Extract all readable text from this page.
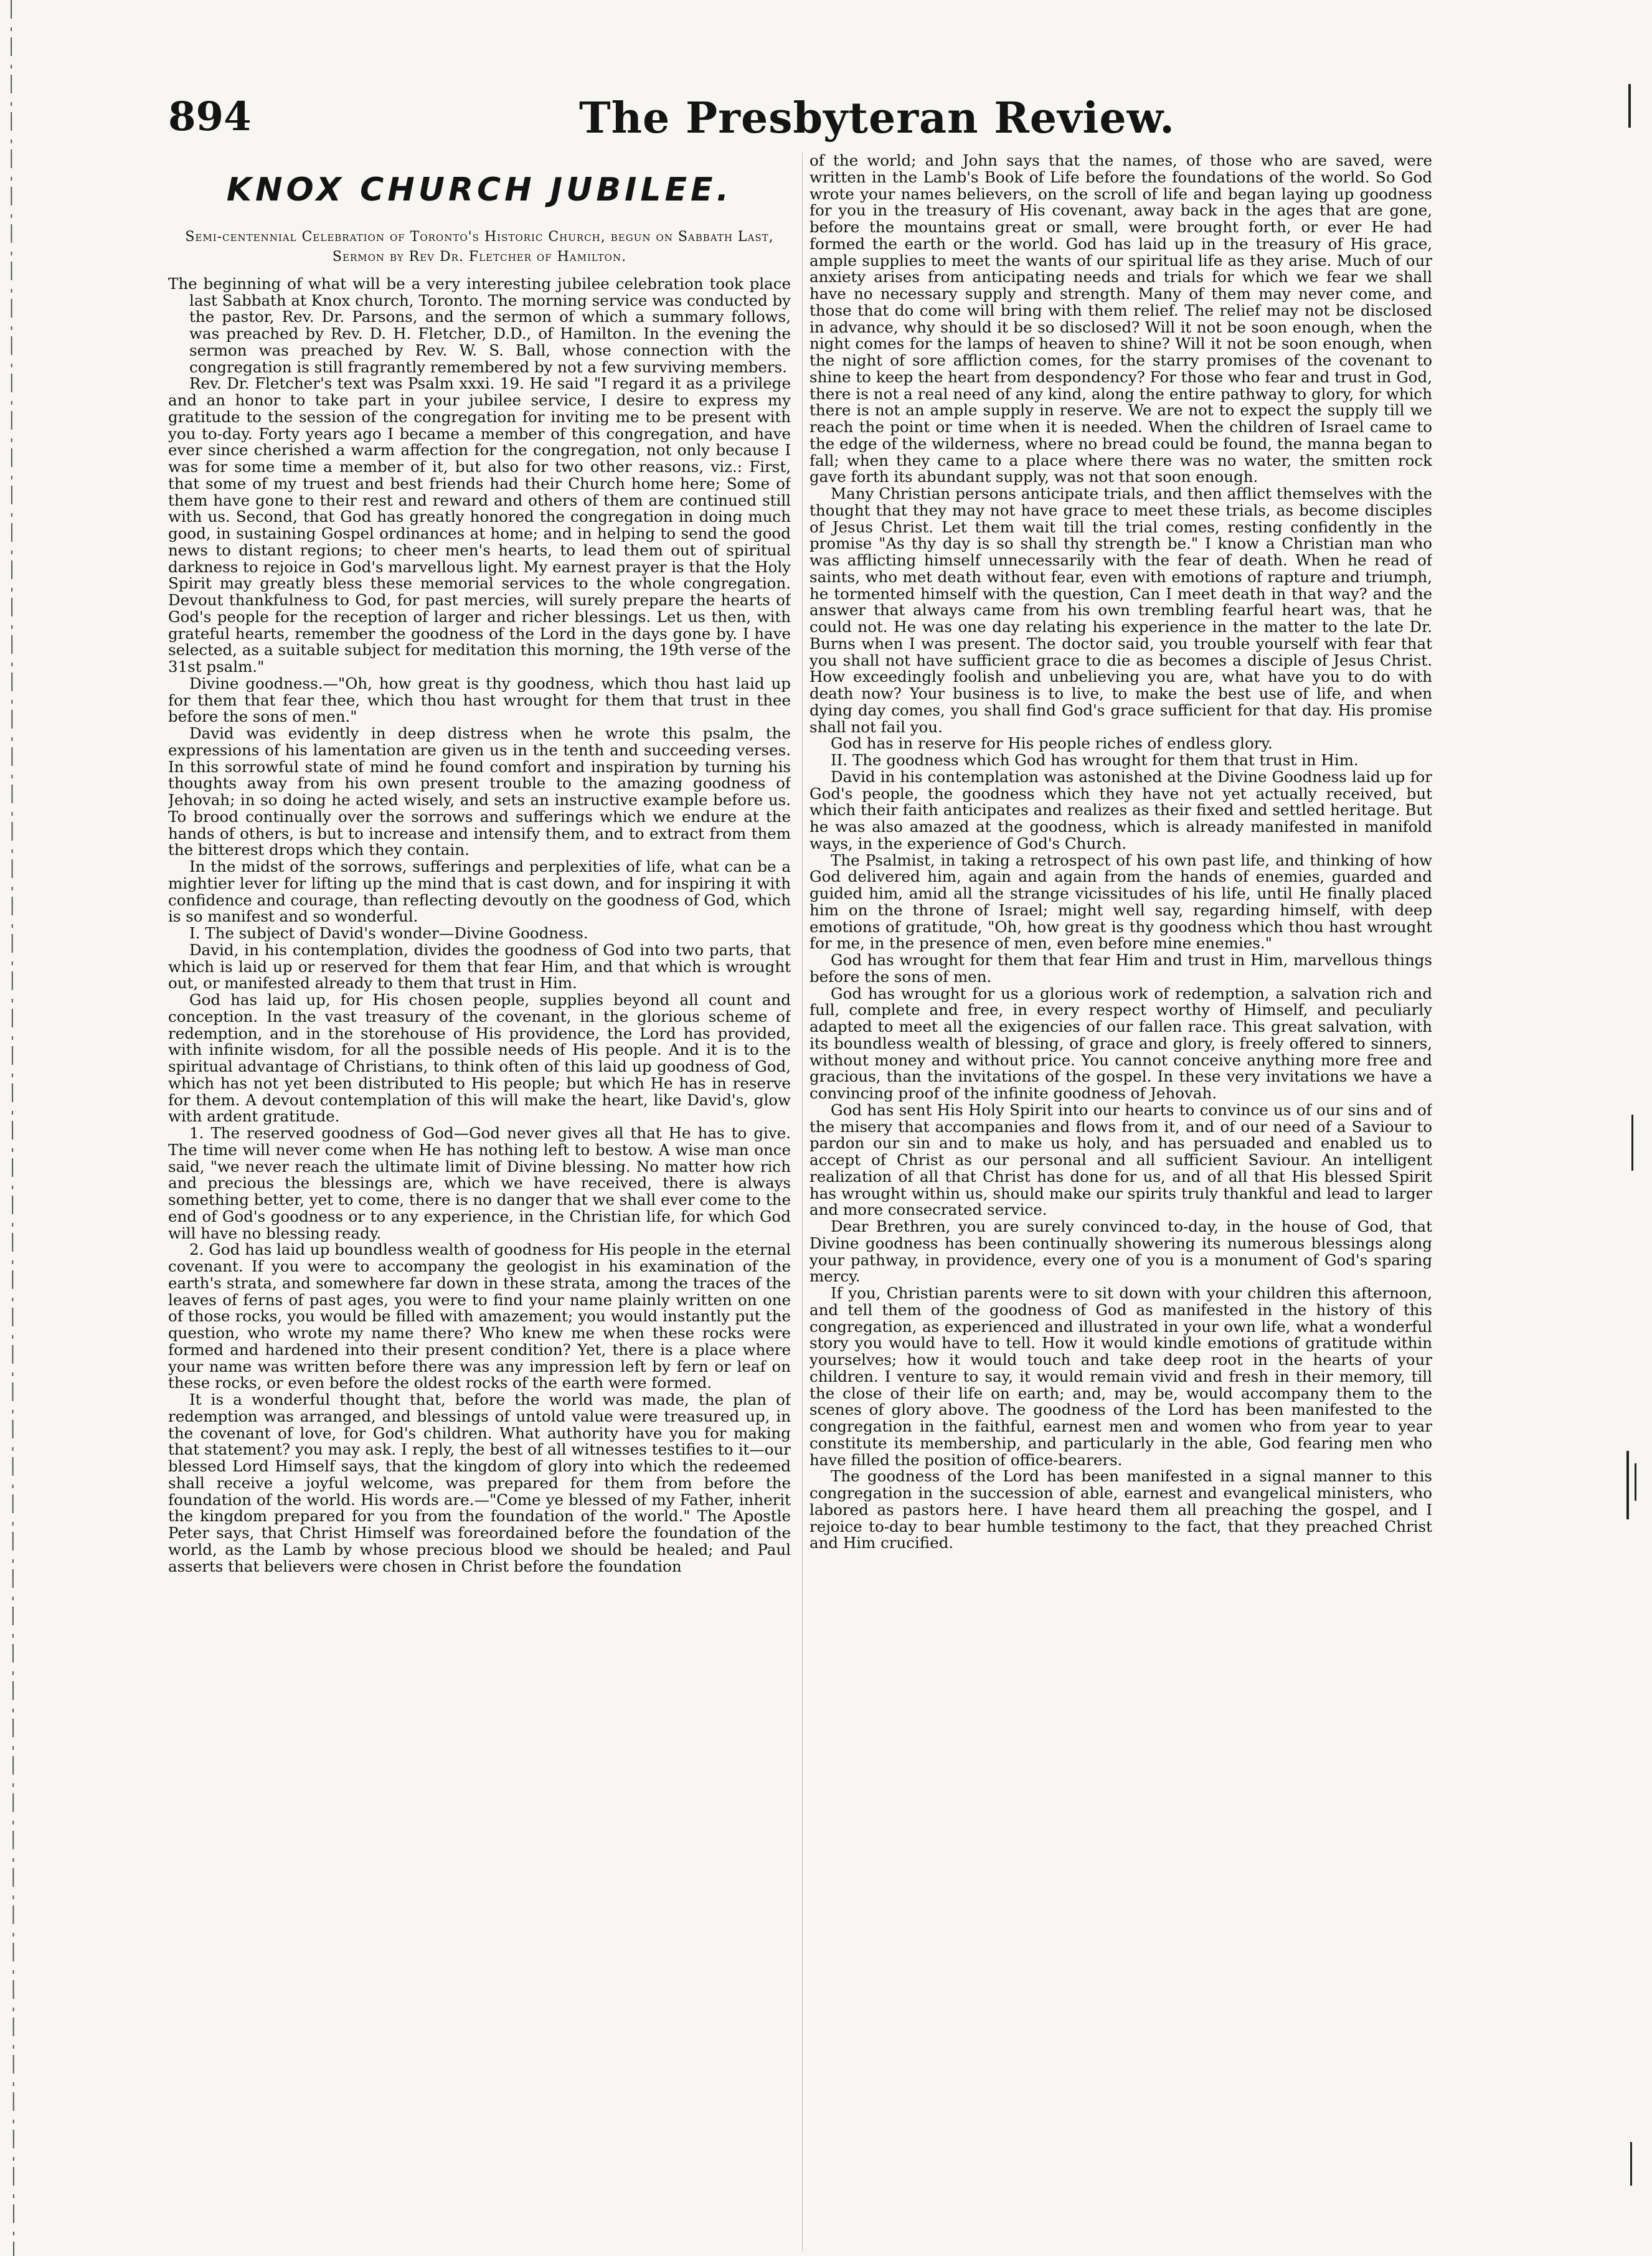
894	The Presbyteran Review.
KNOX CHURCH JUBILEE.
Semi-centennial Celebration of Toronto's Historic Church, begun on Sabbath Last, Sermon by Rev Dr. Fletcher of Hamilton.

The beginning of what will be a very interesting jubilee celebration took place last Sabbath at Knox church, Toronto. The morning service was conducted by the pastor, Rev. Dr. Parsons, and the sermon of which a summary follows, was preached by Rev. D. H. Fletcher, D.D., of Hamilton. In the evening the sermon was preached by Rev. W. S. Ball, whose connection with the congregation is still fragrantly remembered by not a few surviving members.

Rev. Dr. Fletcher's text was Psalm xxxi. 19. He said "I regard it as a privilege and an honor to take part in your jubilee service, I desire to express my gratitude to the session of the congregation for inviting me to be present with you to-day. Forty years ago I became a member of this congregation, and have ever since cherished a warm affection for the congregation, not only because I was for some time a member of it, but also for two other reasons, viz.: First, that some of my truest and best friends had their Church home here; Some of them have gone to their rest and reward and others of them are continued still with us. Second, that God has greatly honored the congregation in doing much good, in sustaining Gospel ordinances at home; and in helping to send the good news to distant regions; to cheer men's hearts, to lead them out of spiritual darkness to rejoice in God's marvellous light. My earnest prayer is that the Holy Spirit may greatly bless these memorial services to the whole congregation. Devout thankfulness to God, for past mercies, will surely prepare the hearts of God's people for the reception of larger and richer blessings. Let us then, with grateful hearts, remember the goodness of the Lord in the days gone by. I have selected, as a suitable subject for meditation this morning, the 19th verse of the 31st psalm."

Divine goodness.—"Oh, how great is thy goodness, which thou hast laid up for them that fear thee, which thou hast wrought for them that trust in thee before the sons of men."

David was evidently in deep distress when he wrote this psalm, the expressions of his lamentation are given us in the tenth and succeeding verses. In this sorrowful state of mind he found comfort and inspiration by turning his thoughts away from his own present trouble to the amazing goodness of Jehovah; in so doing he acted wisely, and sets an instructive example before us. To brood continually over the sorrows and sufferings which we endure at the hands of others, is but to increase and intensify them, and to extract from them the bitterest drops which they contain.

In the midst of the sorrows, sufferings and perplexities of life, what can be a mightier lever for lifting up the mind that is cast down, and for inspiring it with confidence and courage, than reflecting devoutly on the goodness of God, which is so manifest and so wonderful.

I. The subject of David's wonder—Divine Goodness.

David, in his contemplation, divides the goodness of God into two parts, that which is laid up or reserved for them that fear Him, and that which is wrought out, or manifested already to them that trust in Him.

God has laid up, for His chosen people, supplies beyond all count and conception. In the vast treasury of the covenant, in the glorious scheme of redemption, and in the storehouse of His providence, the Lord has provided, with infinite wisdom, for all the possible needs of His people. And it is to the spiritual advantage of Christians, to think often of this laid up goodness of God, which has not yet been distributed to His people; but which He has in reserve for them. A devout contemplation of this will make the heart, like David's, glow with ardent gratitude.

1. The reserved goodness of God—God never gives all that He has to give. The time will never come when He has nothing left to bestow. A wise man once said, "we never reach the ultimate limit of Divine blessing. No matter how rich and precious the blessings are, which we have received, there is always something better, yet to come, there is no danger that we shall ever come to the end of God's goodness or to any experience, in the Christian life, for which God will have no blessing ready.

2. God has laid up boundless wealth of goodness for His people in the eternal covenant. If you were to accompany the geologist in his examination of the earth's strata, and somewhere far down in these strata, among the traces of the leaves of ferns of past ages, you were to find your name plainly written on one of those rocks, you would be filled with amazement; you would instantly put the question, who wrote my name there? Who knew me when these rocks were formed and hardened into their present condition? Yet, there is a place where your name was written before there was any impression left by fern or leaf on these rocks, or even before the oldest rocks of the earth were formed.

It is a wonderful thought that, before the world was made, the plan of redemption was arranged, and blessings of untold value were treasured up, in the covenant of love, for God's children. What authority have you for making that statement? you may ask. I reply, the best of all witnesses testifies to it—our blessed Lord Himself says, that the kingdom of glory into which the redeemed shall receive a joyful welcome, was prepared for them from before the foundation of the world. His words are.—"Come ye blessed of my Father, inherit the kingdom prepared for you from the foundation of the world." The Apostle Peter says, that Christ Himself was foreordained before the foundation of the world, as the Lamb by whose precious blood we should be healed; and Paul asserts that believers were chosen in Christ before the foundation

of the world; and John says that the names, of those who are saved, were written in the Lamb's Book of Life before the foundations of the world. So God wrote your names believers, on the scroll of life and began laying up goodness for you in the treasury of His covenant, away back in the ages that are gone, before the mountains great or small, were brought forth, or ever He had formed the earth or the world. God has laid up in the treasury of His grace, ample supplies to meet the wants of our spiritual life as they arise. Much of our anxiety arises from anticipating needs and trials for which we fear we shall have no necessary supply and strength. Many of them may never come, and those that do come will bring with them relief. The relief may not be disclosed in advance, why should it be so disclosed? Will it not be soon enough, when the night comes for the lamps of heaven to shine? Will it not be soon enough, when the night of sore affliction comes, for the starry promises of the covenant to shine to keep the heart from despondency? For those who fear and trust in God, there is not a real need of any kind, along the entire pathway to glory, for which there is not an ample supply in reserve. We are not to expect the supply till we reach the point or time when it is needed. When the children of Israel came to the edge of the wilderness, where no bread could be found, the manna began to fall; when they came to a place where there was no water, the smitten rock gave forth its abundant supply, was not that soon enough.

Many Christian persons anticipate trials, and then afflict themselves with the thought that they may not have grace to meet these trials, as become disciples of Jesus Christ. Let them wait till the trial comes, resting confidently in the promise "As thy day is so shall thy strength be." I know a Christian man who was afflicting himself unnecessarily with the fear of death. When he read of saints, who met death without fear, even with emotions of rapture and triumph, he tormented himself with the question, Can I meet death in that way? and the answer that always came from his own trembling fearful heart was, that he could not. He was one day relating his experience in the matter to the late Dr. Burns when I was present. The doctor said, you trouble yourself with fear that you shall not have sufficient grace to die as becomes a disciple of Jesus Christ. How exceedingly foolish and unbelieving you are, what have you to do with death now? Your business is to live, to make the best use of life, and when dying day comes, you shall find God's grace sufficient for that day. His promise shall not fail you.

God has in reserve for His people riches of endless glory.

II. The goodness which God has wrought for them that trust in Him.

David in his contemplation was astonished at the Divine Goodness laid up for God's people, the goodness which they have not yet actually received, but which their faith anticipates and realizes as their fixed and settled heritage. But he was also amazed at the goodness, which is already manifested in manifold ways, in the experience of God's Church.

The Psalmist, in taking a retrospect of his own past life, and thinking of how God delivered him, again and again from the hands of enemies, guarded and guided him, amid all the strange vicissitudes of his life, until He finally placed him on the throne of Israel; might well say, regarding himself, with deep emotions of gratitude, "Oh, how great is thy goodness which thou hast wrought for me, in the presence of men, even before mine enemies."

God has wrought for them that fear Him and trust in Him, marvellous things before the sons of men.

God has wrought for us a glorious work of redemption, a salvation rich and full, complete and free, in every respect worthy of Himself, and peculiarly adapted to meet all the exigencies of our fallen race. This great salvation, with its boundless wealth of blessing, of grace and glory, is freely offered to sinners, without money and without price. You cannot conceive anything more free and gracious, than the invitations of the gospel. In these very invitations we have a convincing proof of the infinite goodness of Jehovah.

God has sent His Holy Spirit into our hearts to convince us of our sins and of the misery that accompanies and flows from it, and of our need of a Saviour to pardon our sin and to make us holy, and has persuaded and enabled us to accept of Christ as our personal and all sufficient Saviour. An intelligent realization of all that Christ has done for us, and of all that His blessed Spirit has wrought within us, should make our spirits truly thankful and lead to larger and more consecrated service.

Dear Brethren, you are surely convinced to-day, in the house of God, that Divine goodness has been continually showering its numerous blessings along your pathway, in providence, every one of you is a monument of God's sparing mercy.

If you, Christian parents were to sit down with your children this afternoon, and tell them of the goodness of God as manifested in the history of this congregation, as experienced and illustrated in your own life, what a wonderful story you would have to tell. How it would kindle emotions of gratitude within yourselves; how it would touch and take deep root in the hearts of your children. I venture to say, it would remain vivid and fresh in their memory, till the close of their life on earth; and, may be, would accompany them to the scenes of glory above. The goodness of the Lord has been manifested to the congregation in the faithful, earnest men and women who from year to year constitute its membership, and particularly in the able, God fearing men who have filled the position of office-bearers.

The goodness of the Lord has been manifested in a signal manner to this congregation in the succession of able, earnest and evangelical ministers, who labored as pastors here. I have heard them all preaching the gospel, and I rejoice to-day to bear humble testimony to the fact, that they preached Christ and Him crucified.
